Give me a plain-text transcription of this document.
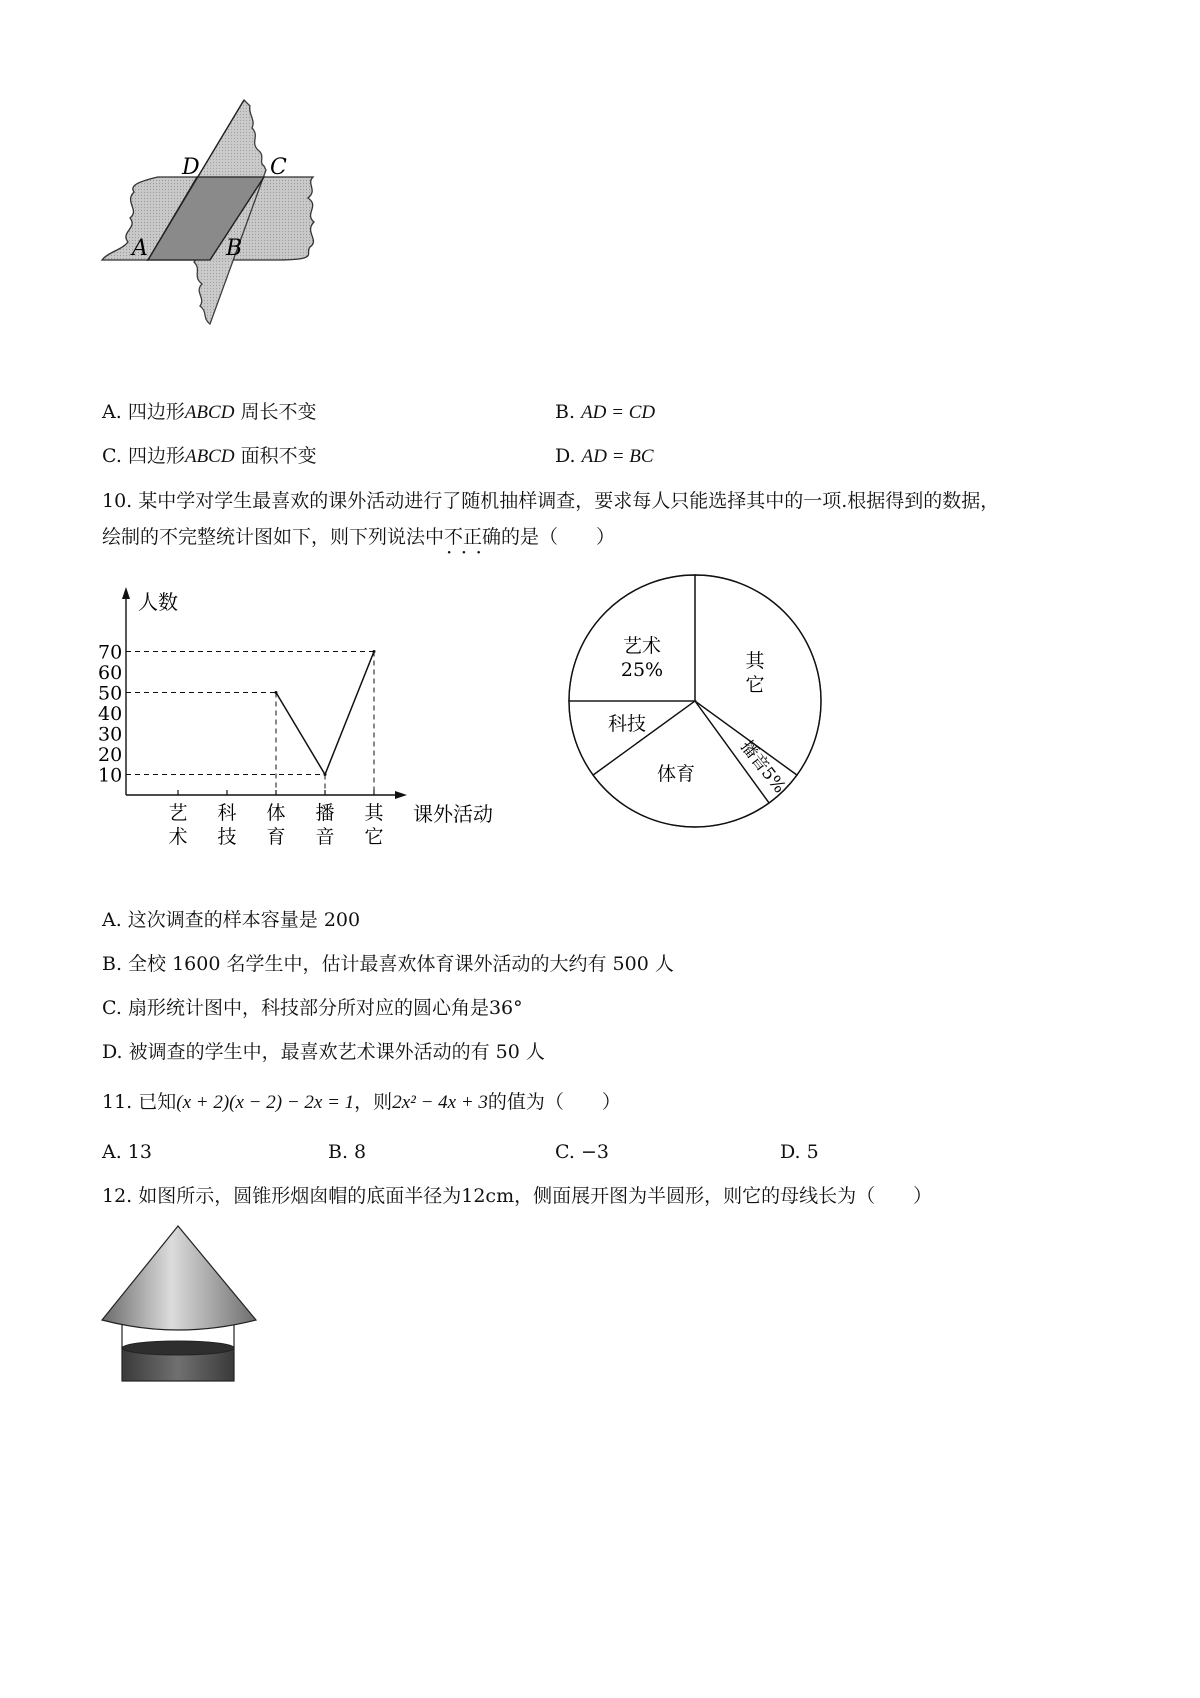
D	C
A	B
A. 四边形ABCD 周长不变	B. AD = CD
C. 四边形ABCD 面积不变	D. AD = BC
10. 某中学对学生最喜欢的课外活动进行了随机抽样调查，要求每人只能选择其中的一项.根据得到的数据，
绘制的不完整统计图如下，则下列说法中不正确 · · ·的是（　　）
人数
课外活动
10
20
30
40
50
60
70
艺
术
科
技
体
育
播
音
其
它
艺术
25%	其
它
科技
体育 播音5%
A. 这次调查的样本容量是 200
B. 全校 1600 名学生中，估计最喜欢体育课外活动的大约有 500 人
C. 扇形统计图中，科技部分所对应的圆心角是36°
D. 被调查的学生中，最喜欢艺术课外活动的有 50 人
11. 已知(x + 2)(x − 2) − 2x = 1，则2x² − 4x + 3的值为（　　）
A. 13	B. 8	C. −3	D. 5
12. 如图所示，圆锥形烟囱帽的底面半径为12cm，侧面展开图为半圆形，则它的母线长为（　　）
